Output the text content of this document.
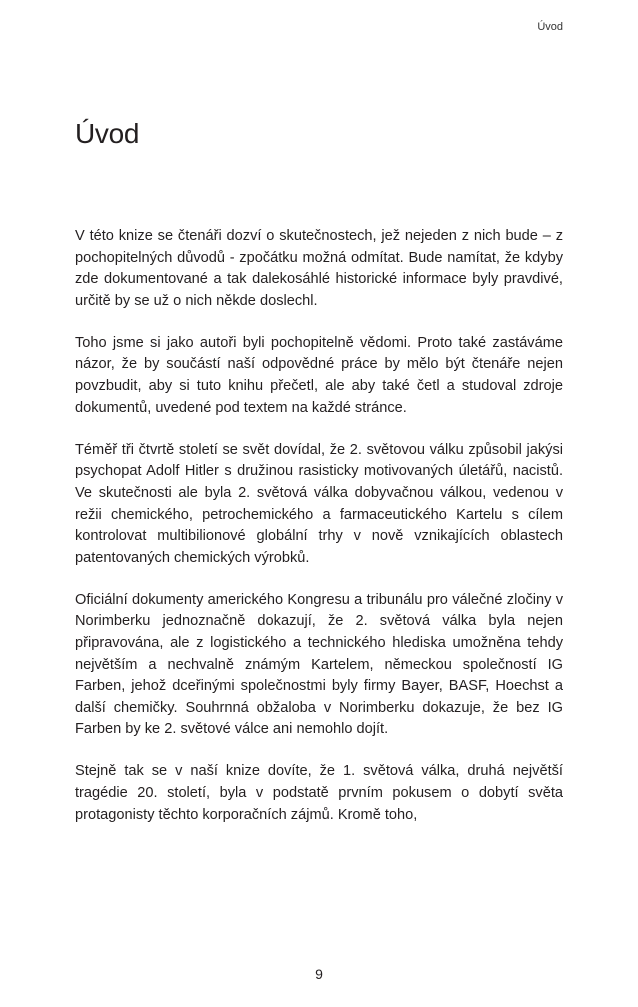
Úvod
Úvod

V této knize se čtenáři dozví o skutečnostech, jež nejeden z nich bude – z pochopitelných důvodů - zpočátku možná odmítat. Bude namítat, že kdyby zde dokumentované a tak dalekosáhlé historické informace byly pravdivé, určitě by se už o nich někde doslechl.

Toho jsme si jako autoři byli pochopitelně vědomi. Proto také zastáváme názor, že by součástí naší odpovědné práce by mělo být čtenáře nejen povzbudit, aby si tuto knihu přečetl, ale aby také četl a studoval zdroje dokumentů, uvedené pod textem na každé stránce.

Téměř tři čtvrtě století se svět dovídal, že 2. světovou válku způsobil jakýsi psychopat Adolf Hitler s družinou rasisticky motivovaných úletářů, nacistů. Ve skutečnosti ale byla 2. světová válka dobyvačnou válkou, vedenou v režii chemického, petrochemického a farmaceutického Kartelu s cílem kontrolovat multibilionové globální trhy v nově vznikajících oblastech patentovaných chemických výrobků.

Oficiální dokumenty amerického Kongresu a tribunálu pro válečné zločiny v Norimberku jednoznačně dokazují, že 2. světová válka byla nejen připravována, ale z logistického a technického hlediska umožněna tehdy největším a nechvalně známým Kartelem, německou společností IG Farben, jehož dceřinými společnostmi byly firmy Bayer, BASF, Hoechst a další chemičky. Souhrnná obžaloba v Norimberku dokazuje, že bez IG Farben by ke 2. světové válce ani nemohlo dojít.

Stejně tak se v naší knize dovíte, že 1. světová válka, druhá největší tragédie 20. století, byla v podstatě prvním pokusem o dobytí světa protagonisty těchto korporačních zájmů. Kromě toho,

9
